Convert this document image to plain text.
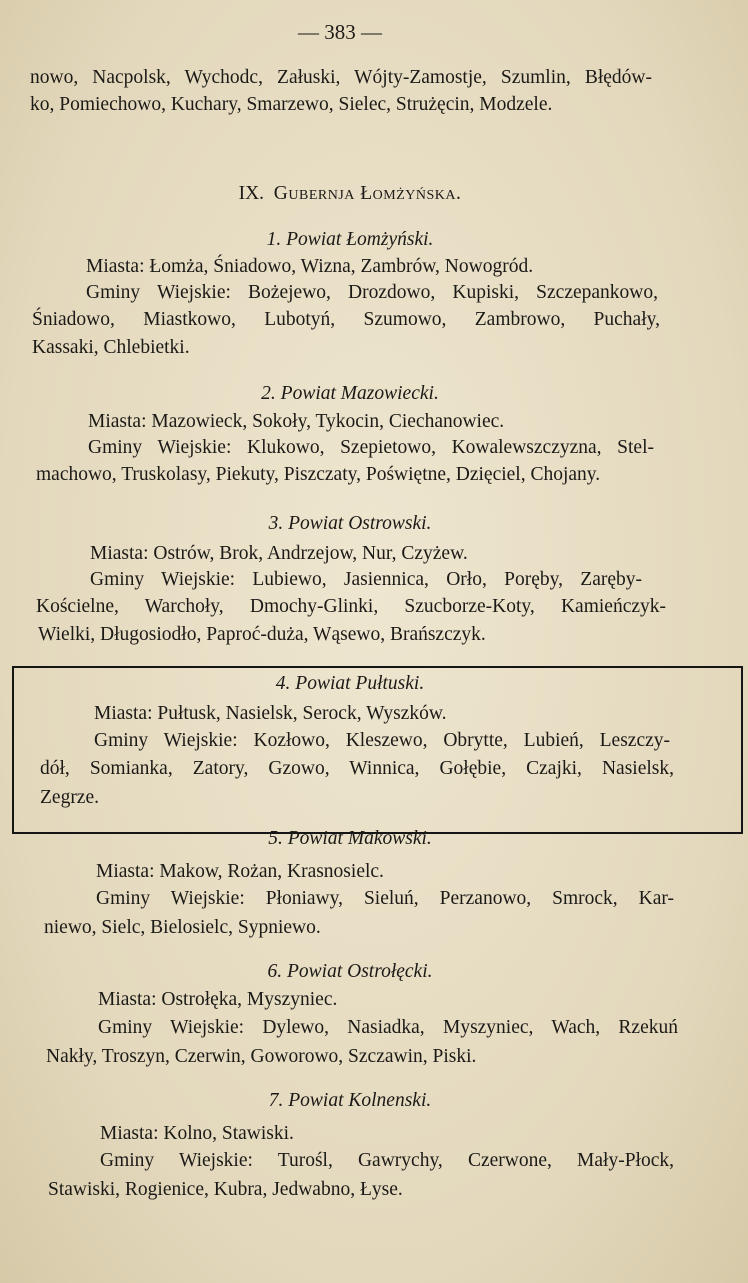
— 383 —
nowo, Nacpolsk, Wychodc, Załuski, Wójty-Zamostje, Szumlin, Błędów-
ko, Pomiechowo, Kuchary, Smarzewo, Sielec, Strużęcin, Modzele.
IX. Gubernja Łomżyńska.
1. Powiat Łomżyński.
Miasta: Łomża, Śniadowo, Wizna, Zambrów, Nowogród.
Gminy Wiejskie: Bożejewo, Drozdowo, Kupiski, Szczepankowo,
Śniadowo, Miastkowo, Lubotyń, Szumowo, Zambrowo, Puchały,
Kassaki, Chlebietki.
2. Powiat Mazowiecki.
Miasta: Mazowieck, Sokoły, Tykocin, Ciechanowiec.
Gminy Wiejskie: Klukowo, Szepietowo, Kowalewszczyzna, Stel-
machowo, Truskolasy, Piekuty, Piszczaty, Poświętne, Dzięciel, Chojany.
3. Powiat Ostrowski.
Miasta: Ostrów, Brok, Andrzejow, Nur, Czyżew.
Gminy Wiejskie: Lubiewo, Jasiennica, Orło, Poręby, Zaręby-
Kościelne, Warchoły, Dmochy-Glinki, Szucborze-Koty, Kamieńczyk-
Wielki, Długosiodło, Paproć-duża, Wąsewo, Brańszczyk.
4. Powiat Pułtuski.
Miasta: Pułtusk, Nasielsk, Serock, Wyszków.
Gminy Wiejskie: Kozłowo, Kleszewo, Obrytte, Lubień, Leszczy-
dół, Somianka, Zatory, Gzowo, Winnica, Gołębie, Czajki, Nasielsk,
Zegrze.
5. Powiat Makowski.
Miasta: Makow, Rożan, Krasnosielc.
Gminy Wiejskie: Płoniawy, Sieluń, Perzanowo, Smrock, Kar-
niewo, Sielc, Bielosielc, Sypniewo.
6. Powiat Ostrołęcki.
Miasta: Ostrołęka, Myszyniec.
Gminy Wiejskie: Dylewo, Nasiadka, Myszyniec, Wach, Rzekuń
Nakły, Troszyn, Czerwin, Goworowo, Szczawin, Piski.
7. Powiat Kolnenski.
Miasta: Kolno, Stawiski.
Gminy Wiejskie: Turośl, Gawrychy, Czerwone, Mały-Płock,
Stawiski, Rogienice, Kubra, Jedwabno, Łyse.
